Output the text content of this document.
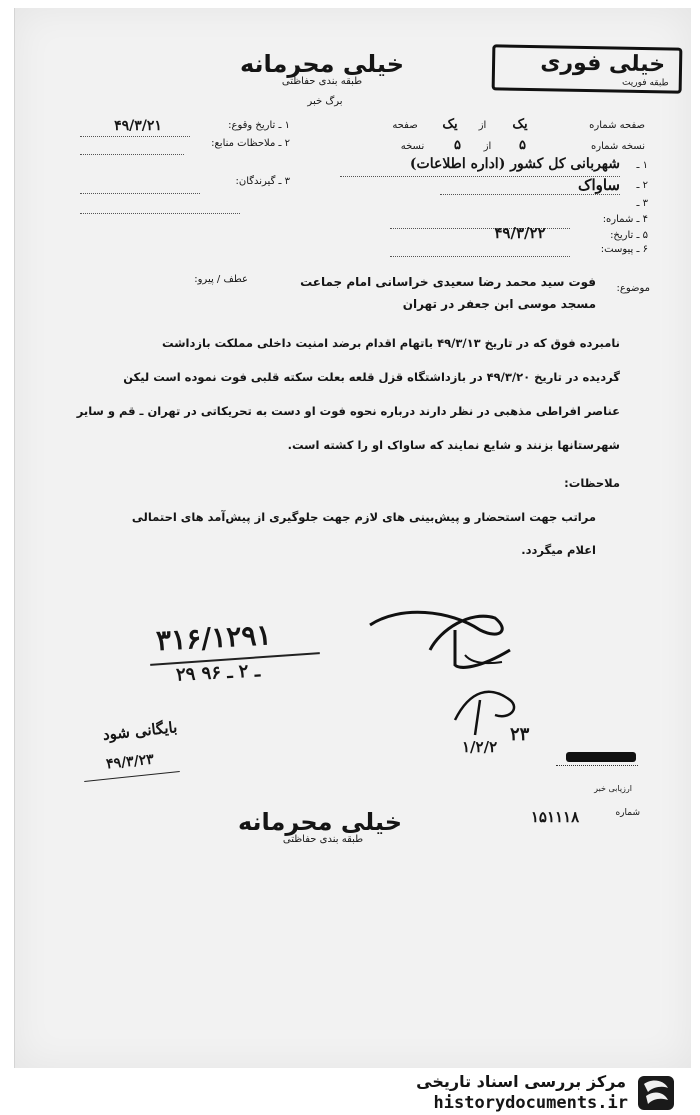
خیلی فوری
طبقه فوریت
خیلی محرمانه
طبقه بندی حفاظتی
برگ خبر
۱ ـ تاریخ وقوع:
۴۹/۳/۲۱
۲ ـ ملاحظات منابع:
۳ ـ گیرندگان:
صفحه شماره
یک
از
یک
صفحه
نسخه شماره
۵
از
۵
نسخه
۱ ـ
شهربانی کل کشور (اداره اطلاعات)
۲ ـ
۳ ـ
ساواک
۴ ـ شماره:
۵ ـ تاریخ:
۴۹/۳/۲۲
۶ ـ پیوست:
موضوع:
فوت سید محمد رضا سعیدی خراسانی امام جماعت
مسجد موسی ابن جعفر در تهران
عطف / پیرو:
نامبرده فوق که در تاریخ ۴۹/۳/۱۳ باتهام اقدام برضد امنیت داخلی مملکت بازداشت
گردیده در تاریخ ۴۹/۳/۲۰ در بازداشتگاه قزل قلعه بعلت سکته قلبی فوت نموده است لیکن
عناصر افراطی مذهبی در نظر دارند درباره نحوه فوت او دست به تحریکاتی در تهران ـ قم و سایر
شهرستانها بزنند و شایع نمایند که ساواک او را کشته است.
ملاحظات:
مراتب جهت استحضار و پیش‌بینی های لازم جهت جلوگیری از پیش‌آمد های احتمالی
اعلام میگردد.
۳۱۶/۱۲۹۱
۲۹ ـ ۲ ـ ۹۶
۲۳
۱/۲/۲
بایگانی شود
۴۹/۳/۲۳
ارزیابی خبر
شماره
۱۵۱۱۱۸
خیلی محرمانه
طبقه بندی حفاظتی
مرکز بررسی اسناد تاریخی
historydocuments.ir
